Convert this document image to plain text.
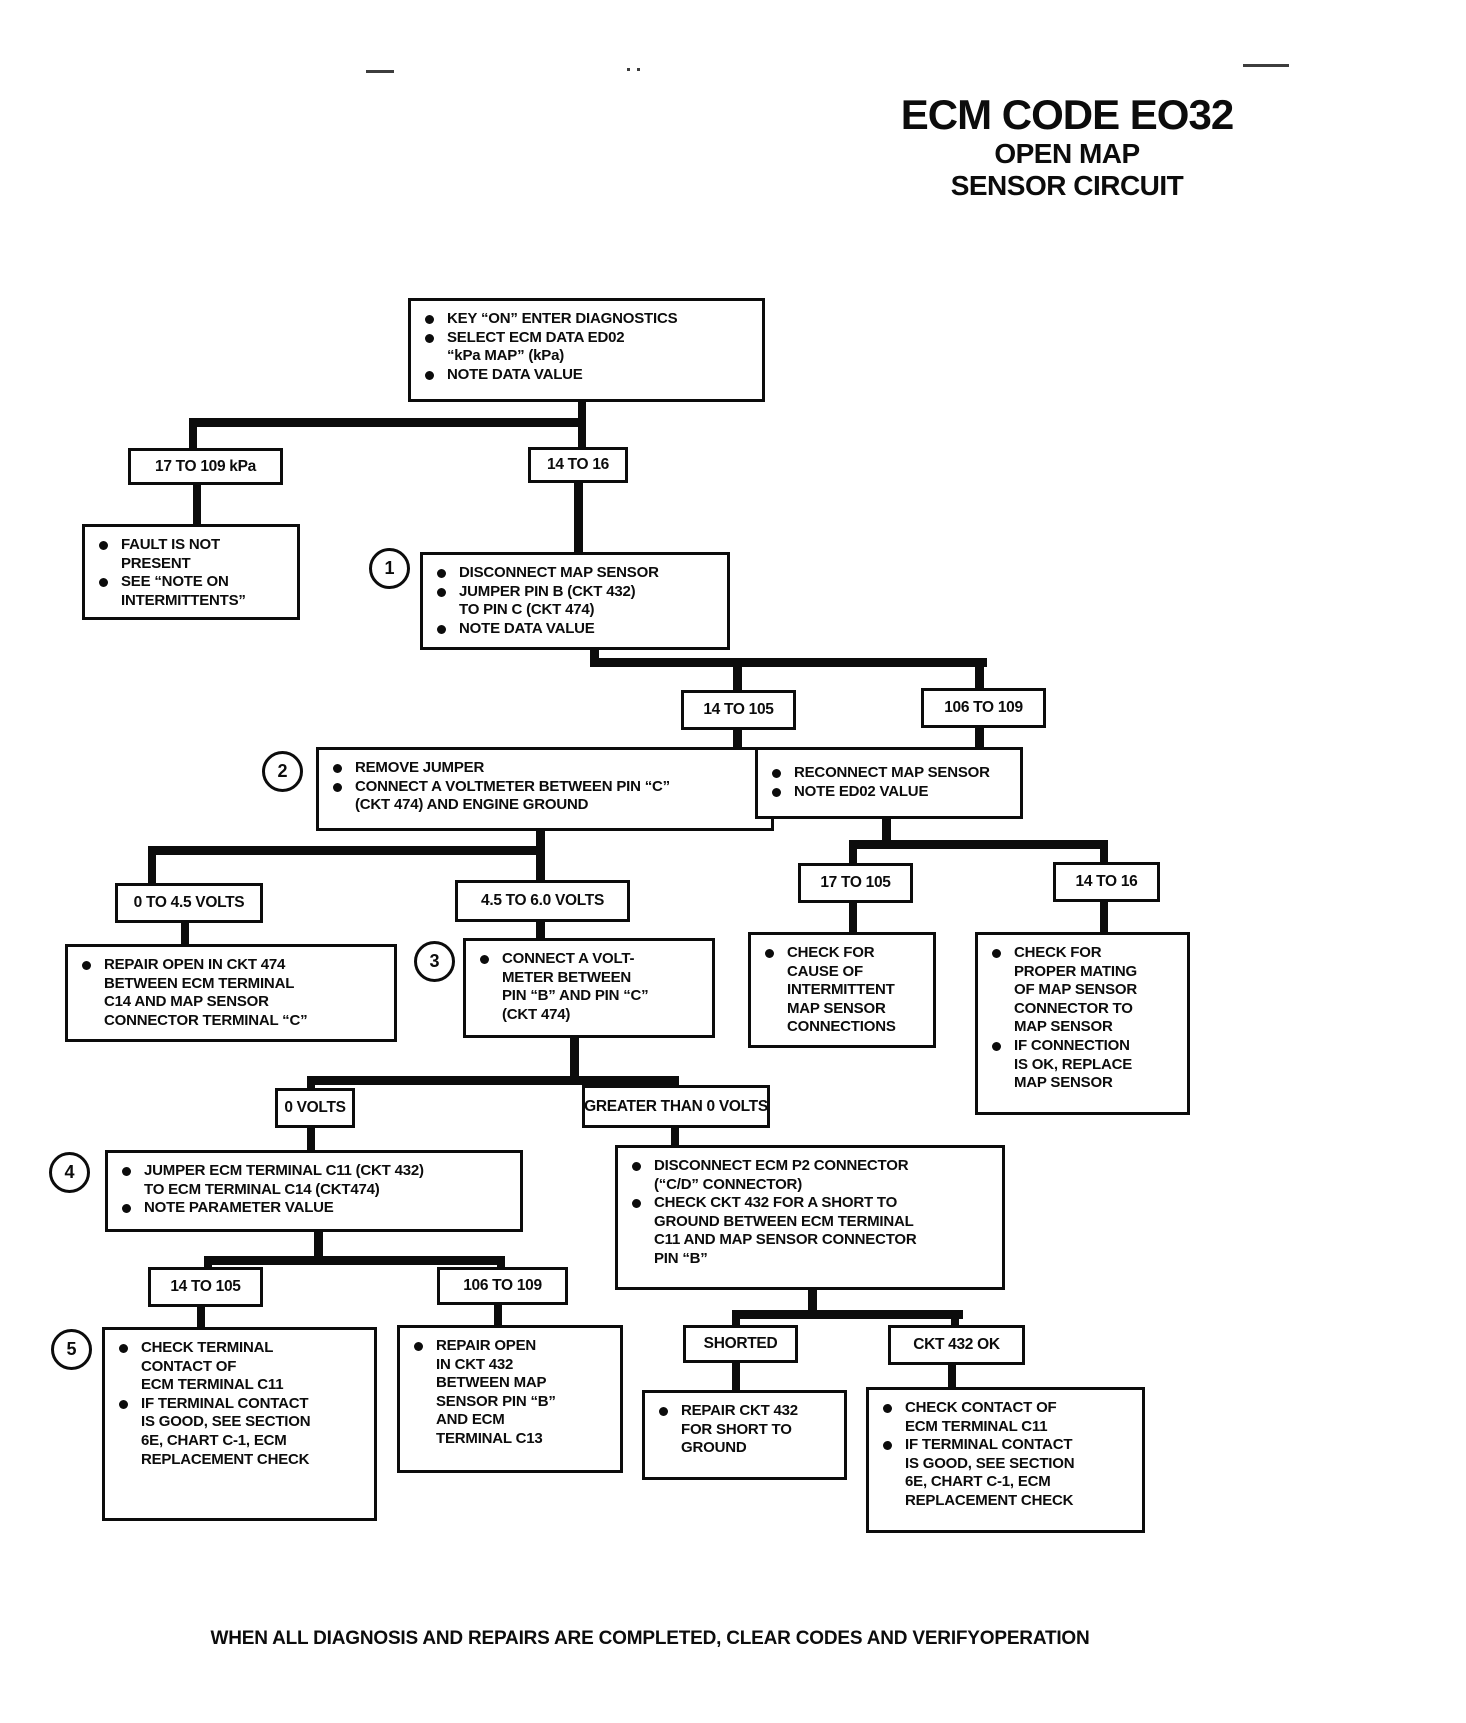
ECM CODE EO32
OPEN MAP
SENSOR CIRCUIT
17 TO 109 kPa	14 TO 16
14 TO 105	106 TO 109
0 TO 4.5 VOLTS	4.5 TO 6.0 VOLTS
17 TO 105	14 TO 16
0 VOLTS	GREATER THAN 0 VOLTS
14 TO 105	106 TO 109
SHORTED	CKT 432 OK
KEY “ON” ENTER DIAGNOSTICS
SELECT ECM DATA ED02
“kPa MAP” (kPa)
NOTE DATA VALUE
FAULT IS NOT
PRESENT
SEE “NOTE ON
INTERMITTENTS”
DISCONNECT MAP SENSOR
JUMPER PIN B (CKT 432)
TO PIN C (CKT 474)
NOTE DATA VALUE
REMOVE JUMPER
CONNECT A VOLTMETER BETWEEN PIN “C”
(CKT 474) AND ENGINE GROUND
RECONNECT MAP SENSOR
NOTE ED02 VALUE
REPAIR OPEN IN CKT 474
BETWEEN ECM TERMINAL
C14 AND MAP SENSOR
CONNECTOR TERMINAL “C”
CONNECT A VOLT-
METER BETWEEN
PIN “B” AND PIN “C”
(CKT 474)
CHECK FOR
CAUSE OF
INTERMITTENT
MAP SENSOR
CONNECTIONS
CHECK FOR
PROPER MATING
OF MAP SENSOR
CONNECTOR TO
MAP SENSOR
IF CONNECTION
IS OK, REPLACE
MAP SENSOR
JUMPER ECM TERMINAL C11 (CKT 432)
TO ECM TERMINAL C14 (CKT474)
NOTE PARAMETER VALUE
DISCONNECT ECM P2 CONNECTOR
(“C/D” CONNECTOR)
CHECK CKT 432 FOR A SHORT TO
GROUND BETWEEN ECM TERMINAL
C11 AND MAP SENSOR CONNECTOR
PIN “B”
CHECK TERMINAL
CONTACT OF
ECM TERMINAL C11
IF TERMINAL CONTACT
IS GOOD, SEE SECTION
6E, CHART C-1, ECM
REPLACEMENT CHECK
REPAIR OPEN
IN CKT 432
BETWEEN MAP
SENSOR PIN “B”
AND ECM
TERMINAL C13
REPAIR CKT 432
FOR SHORT TO
GROUND
CHECK CONTACT OF
ECM TERMINAL C11
IF TERMINAL CONTACT
IS GOOD, SEE SECTION
6E, CHART C-1, ECM
REPLACEMENT CHECK
1
2
3
4
5
WHEN ALL DIAGNOSIS AND REPAIRS ARE COMPLETED, CLEAR CODES AND VERIFYOPERATION
